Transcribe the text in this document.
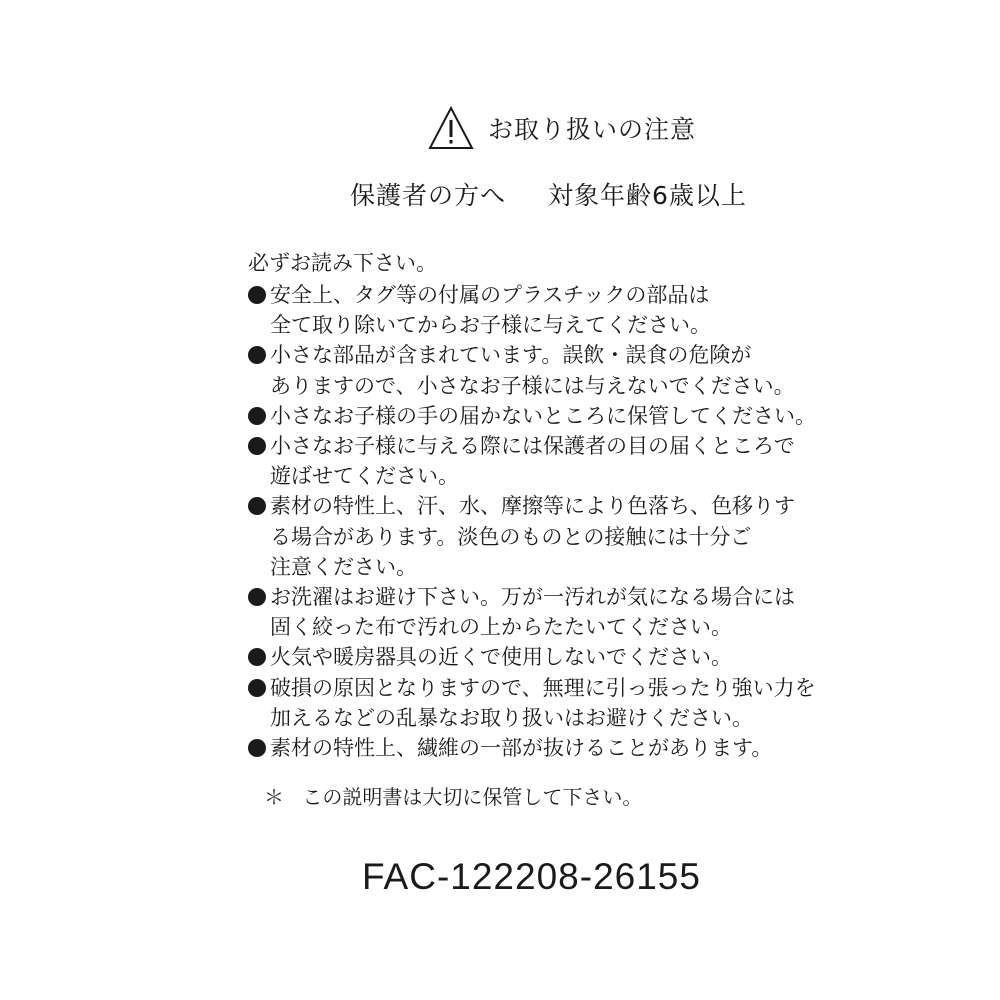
お取り扱いの注意
保護者の方へ 対象年齢6歳以上
必ずお読み下さい。
安全上、タグ等の付属のプラスチックの部品は
全て取り除いてからお子様に与えてください。
小さな部品が含まれています。誤飲・誤食の危険が
ありますので、小さなお子様には与えないでください。
小さなお子様の手の届かないところに保管してください。
小さなお子様に与える際には保護者の目の届くところで
遊ばせてください。
素材の特性上、汗、水、摩擦等により色落ち、色移りす
る場合があります。淡色のものとの接触には十分ご
注意ください。
お洗濯はお避け下さい。万が一汚れが気になる場合には
固く絞った布で汚れの上からたたいてください。
火気や暖房器具の近くで使用しないでください。
破損の原因となりますので、無理に引っ張ったり強い力を
加えるなどの乱暴なお取り扱いはお避けください。
素材の特性上、繊維の一部が抜けることがあります。
＊ この説明書は大切に保管して下さい。
FAC-122208-26155
